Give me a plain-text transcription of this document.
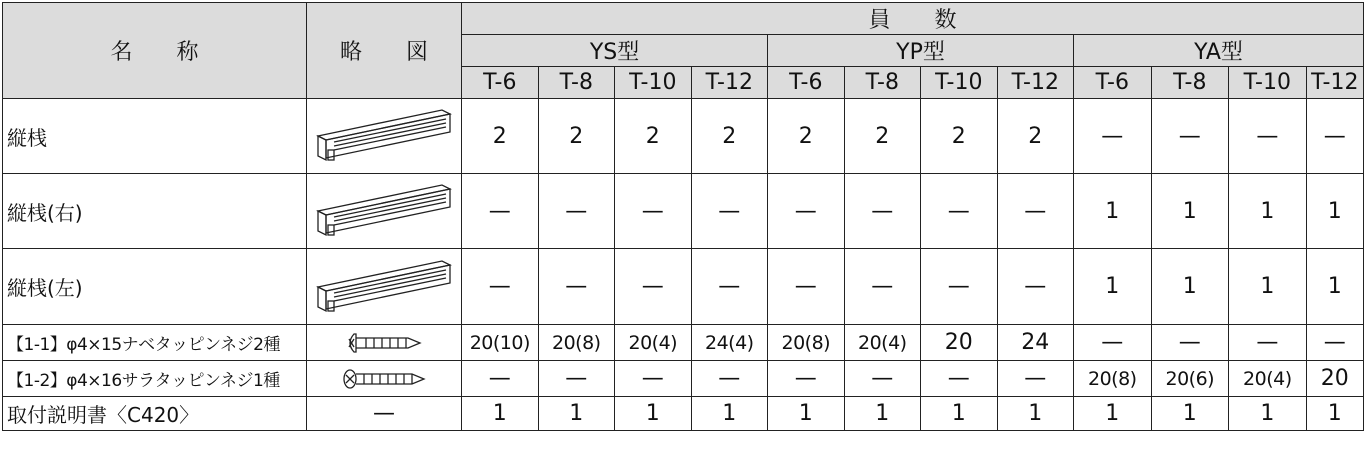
名　　称	略　　図	員　　数											
		YS型				YP型				YA型			
		T-6	T-8	T-10	T-12	T-6	T-8	T-10	T-12	T-6	T-8	T-10	T-12
縦桟		2	2	2	2	2	2	2	2	—	—	—	—
縦桟(右)		—	—	—	—	—	—	—	—	1	1	1	1
縦桟(左)		—	—	—	—	—	—	—	—	1	1	1	1
【1-1】φ4×15ナベタッピンネジ2種		20(10)	20(8)	20(4)	24(4)	20(8)	20(4)	20	24	—	—	—	—
【1-2】φ4×16サラタッピンネジ1種		—	—	—	—	—	—	—	—	20(8)	20(6)	20(4)	20
取付説明書〈C420〉	—	1	1	1	1	1	1	1	1	1	1	1	1
